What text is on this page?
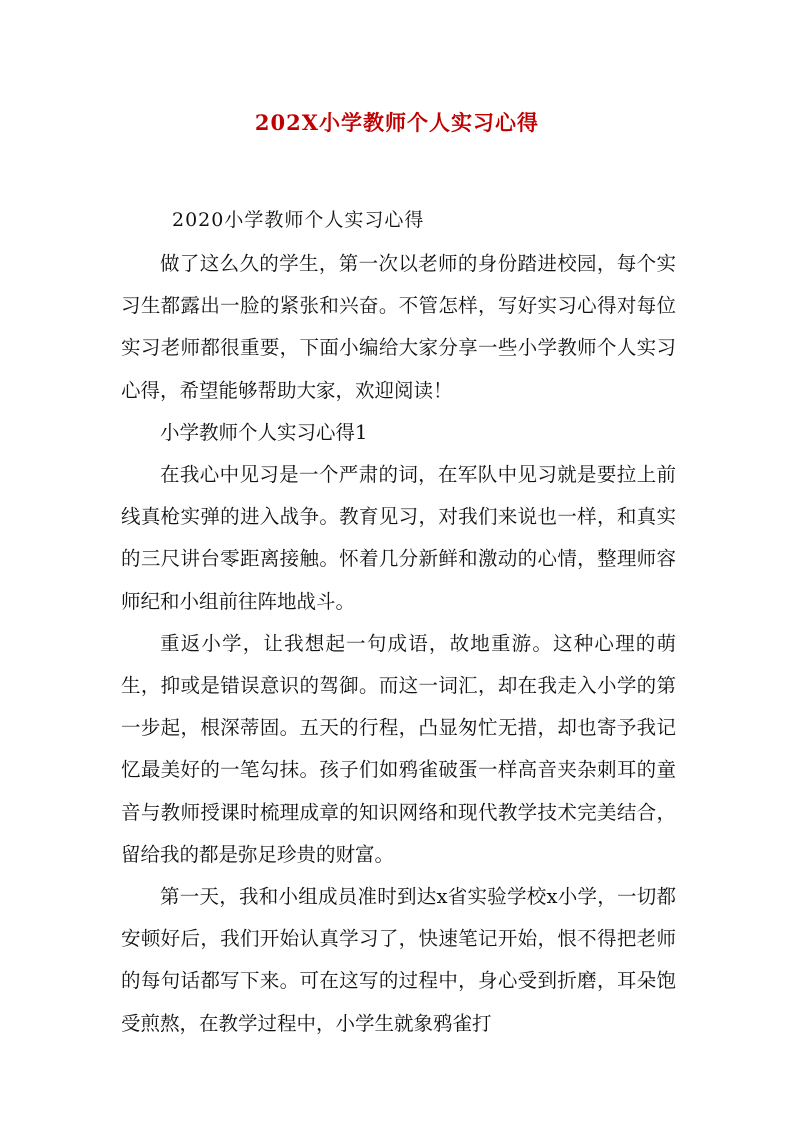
202X小学教师个人实习心得
2020小学教师个人实习心得

做了这么久的学生，第一次以老师的身份踏进校园，每个实习生都露出一脸的紧张和兴奋。不管怎样，写好实习心得对每位实习老师都很重要，下面小编给大家分享一些小学教师个人实习心得，希望能够帮助大家，欢迎阅读！

小学教师个人实习心得1

在我心中见习是一个严肃的词，在军队中见习就是要拉上前线真枪实弹的进入战争。教育见习，对我们来说也一样，和真实的三尺讲台零距离接触。怀着几分新鲜和激动的心情，整理师容师纪和小组前往阵地战斗。

重返小学，让我想起一句成语，故地重游。这种心理的萌生，抑或是错误意识的驾御。而这一词汇，却在我走入小学的第一步起，根深蒂固。五天的行程，凸显匆忙无措，却也寄予我记忆最美好的一笔勾抹。孩子们如鸦雀破蛋一样高音夹杂刺耳的童音与教师授课时梳理成章的知识网络和现代教学技术完美结合，留给我的都是弥足珍贵的财富。

第一天，我和小组成员准时到达x省实验学校x小学，一切都安顿好后，我们开始认真学习了，快速笔记开始，恨不得把老师的每句话都写下来。可在这写的过程中，身心受到折磨，耳朵饱受煎熬，在教学过程中，小学生就象鸦雀打
